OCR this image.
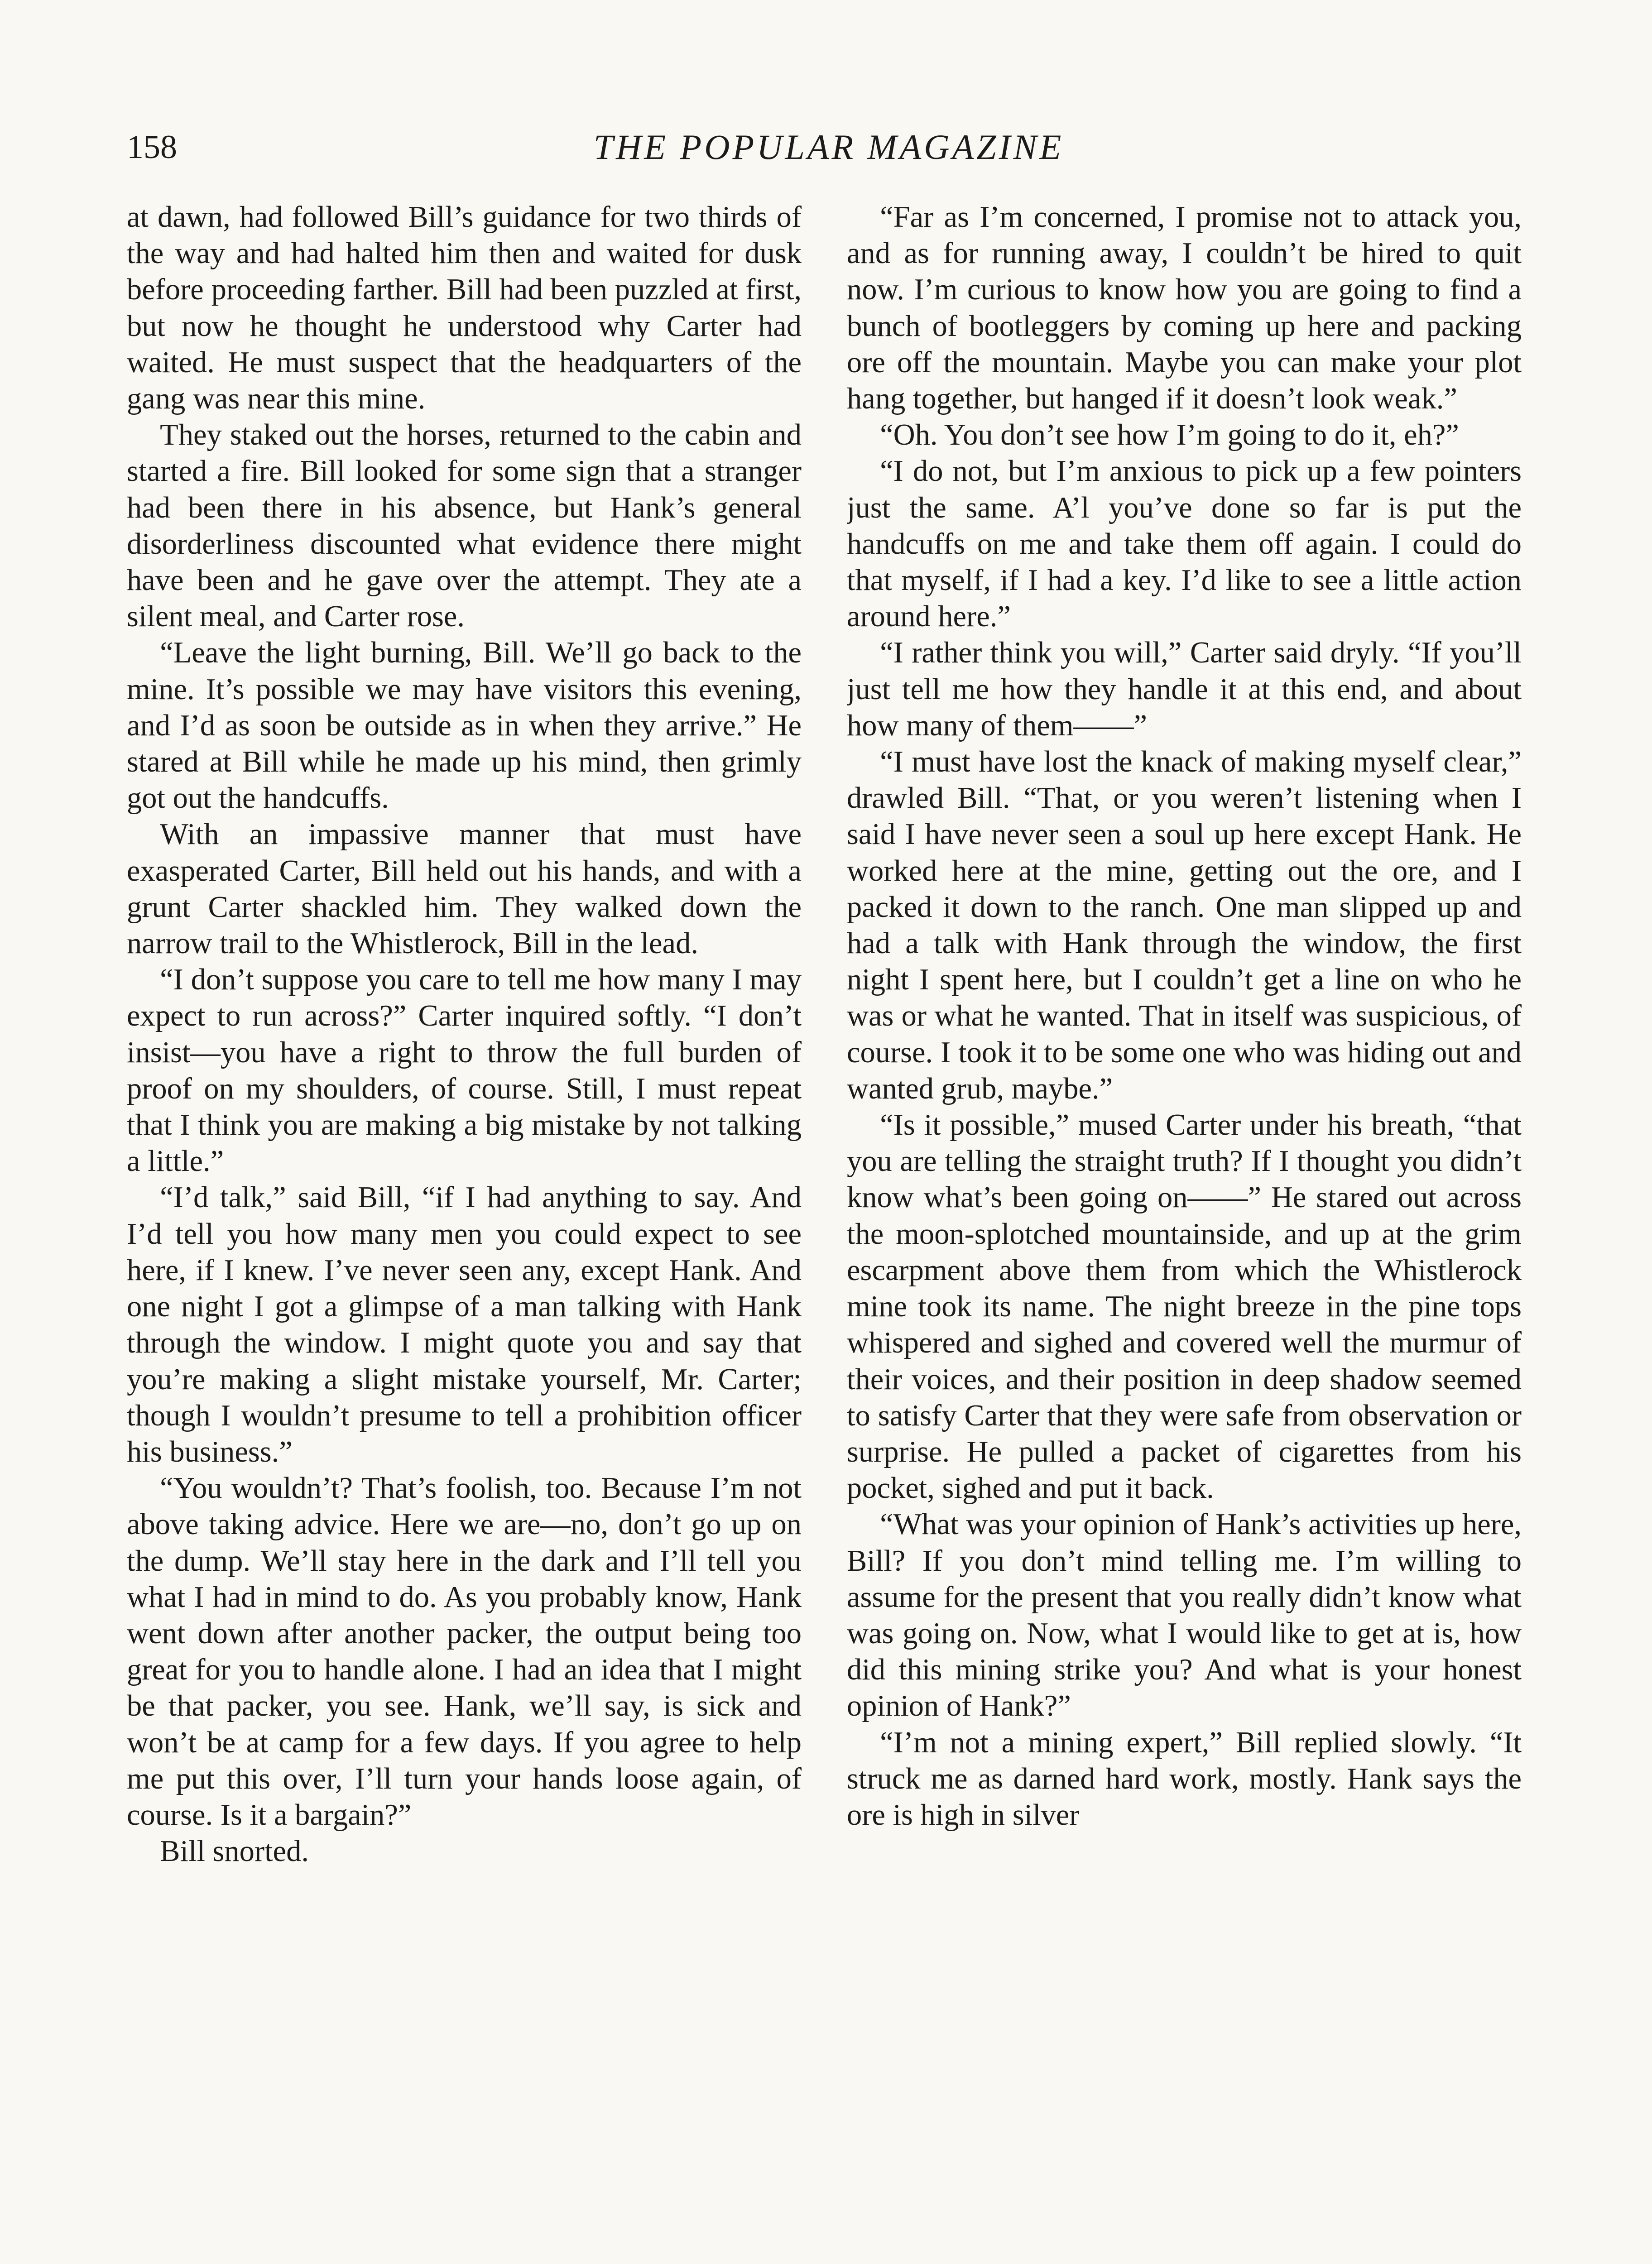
158	THE POPULAR MAGAZINE

at dawn, had followed Bill’s guidance for two thirds of the way and had halted him then and waited for dusk before proceeding farther. Bill had been puzzled at first, but now he thought he understood why Carter had waited. He must suspect that the headquarters of the gang was near this mine.

They staked out the horses, returned to the cabin and started a fire. Bill looked for some sign that a stranger had been there in his absence, but Hank’s general disorderliness discounted what evidence there might have been and he gave over the attempt. They ate a silent meal, and Carter rose.

“Leave the light burning, Bill. We’ll go back to the mine. It’s possible we may have visitors this evening, and I’d as soon be outside as in when they arrive.” He stared at Bill while he made up his mind, then grimly got out the handcuffs.

With an impassive manner that must have exasperated Carter, Bill held out his hands, and with a grunt Carter shackled him. They walked down the narrow trail to the Whistlerock, Bill in the lead.

“I don’t suppose you care to tell me how many I may expect to run across?” Carter inquired softly. “I don’t insist—you have a right to throw the full burden of proof on my shoulders, of course. Still, I must repeat that I think you are making a big mistake by not talking a little.”

“I’d talk,” said Bill, “if I had anything to say. And I’d tell you how many men you could expect to see here, if I knew. I’ve never seen any, except Hank. And one night I got a glimpse of a man talking with Hank through the window. I might quote you and say that you’re making a slight mistake yourself, Mr. Carter; though I wouldn’t presume to tell a prohibition officer his business.”

“You wouldn’t? That’s foolish, too. Because I’m not above taking advice. Here we are—no, don’t go up on the dump. We’ll stay here in the dark and I’ll tell you what I had in mind to do. As you probably know, Hank went down after another packer, the output being too great for you to handle alone. I had an idea that I might be that packer, you see. Hank, we’ll say, is sick and won’t be at camp for a few days. If you agree to help me put this over, I’ll turn your hands loose again, of course. Is it a bargain?”

Bill snorted.

“Far as I’m concerned, I promise not to attack you, and as for running away, I couldn’t be hired to quit now. I’m curious to know how you are going to find a bunch of bootleggers by coming up here and packing ore off the mountain. Maybe you can make your plot hang together, but hanged if it doesn’t look weak.”

“Oh. You don’t see how I’m going to do it, eh?”

“I do not, but I’m anxious to pick up a few pointers just the same. A’l you’ve done so far is put the handcuffs on me and take them off again. I could do that myself, if I had a key. I’d like to see a little action around here.”

“I rather think you will,” Carter said dryly. “If you’ll just tell me how they handle it at this end, and about how many of them——”

“I must have lost the knack of making myself clear,” drawled Bill. “That, or you weren’t listening when I said I have never seen a soul up here except Hank. He worked here at the mine, getting out the ore, and I packed it down to the ranch. One man slipped up and had a talk with Hank through the window, the first night I spent here, but I couldn’t get a line on who he was or what he wanted. That in itself was suspicious, of course. I took it to be some one who was hiding out and wanted grub, maybe.”

“Is it possible,” mused Carter under his breath, “that you are telling the straight truth? If I thought you didn’t know what’s been going on——” He stared out across the moon-splotched mountainside, and up at the grim escarpment above them from which the Whistlerock mine took its name. The night breeze in the pine tops whispered and sighed and covered well the murmur of their voices, and their position in deep shadow seemed to satisfy Carter that they were safe from observation or surprise. He pulled a packet of cigarettes from his pocket, sighed and put it back.

“What was your opinion of Hank’s activities up here, Bill? If you don’t mind telling me. I’m willing to assume for the present that you really didn’t know what was going on. Now, what I would like to get at is, how did this mining strike you? And what is your honest opinion of Hank?”

“I’m not a mining expert,” Bill replied slowly. “It struck me as darned hard work, mostly. Hank says the ore is high in silver
